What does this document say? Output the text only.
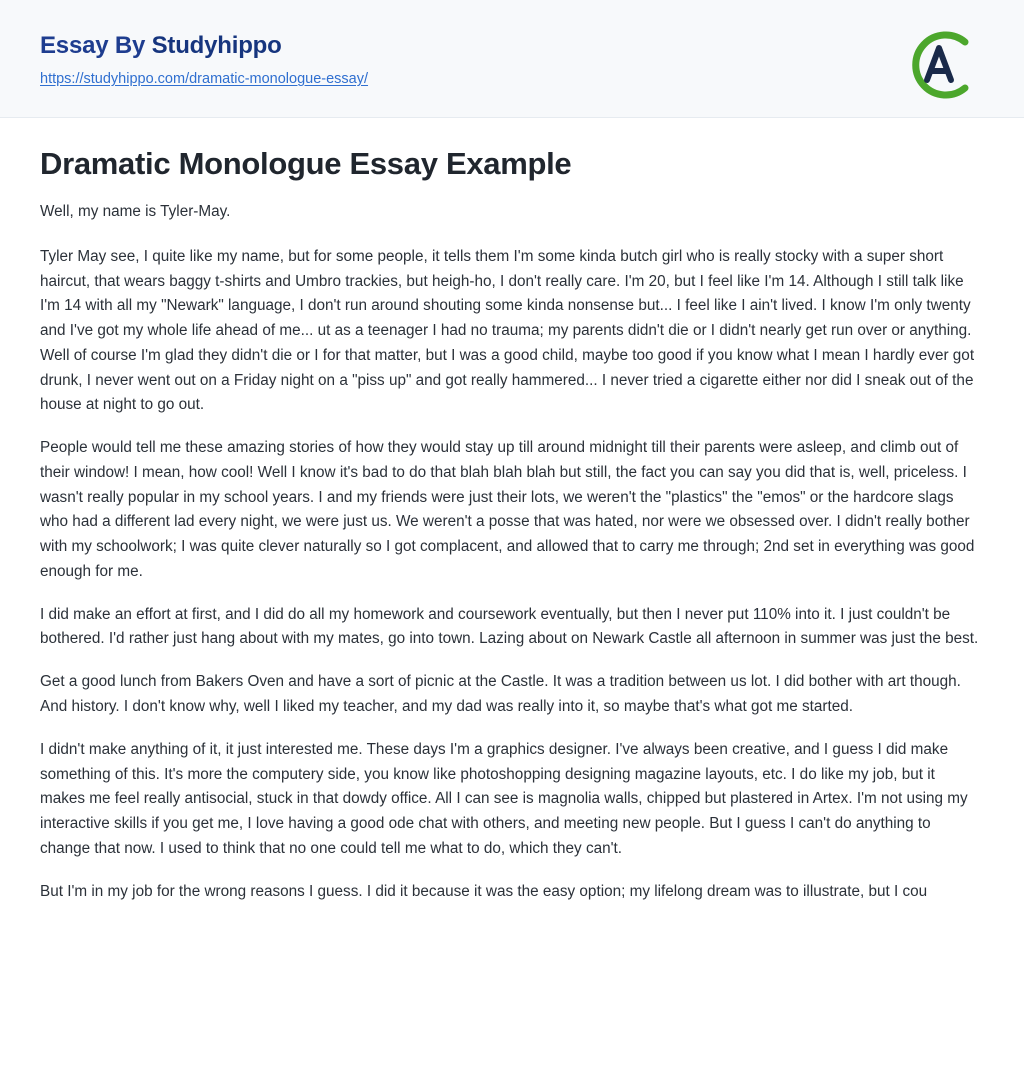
Essay By Studyhippo
https://studyhippo.com/dramatic-monologue-essay/
Dramatic Monologue Essay Example

Well, my name is Tyler-May.

Tyler May see, I quite like my name, but for some people, it tells them I'm some kinda butch girl who is really stocky with a super short haircut, that wears baggy t-shirts and Umbro trackies, but heigh-ho, I don't really care. I'm 20, but I feel like I'm 14. Although I still talk like I'm 14 with all my "Newark" language, I don't run around shouting some kinda nonsense but... I feel like I ain't lived. I know I'm only twenty and I've got my whole life ahead of me... ut as a teenager I had no trauma; my parents didn't die or I didn't nearly get run over or anything. Well of course I'm glad they didn't die or I for that matter, but I was a good child, maybe too good if you know what I mean I hardly ever got drunk, I never went out on a Friday night on a "piss up" and got really hammered... I never tried a cigarette either nor did I sneak out of the house at night to go out.

People would tell me these amazing stories of how they would stay up till around midnight till their parents were asleep, and climb out of their window! I mean, how cool! Well I know it's bad to do that blah blah blah but still, the fact you can say you did that is, well, priceless. I wasn't really popular in my school years. I and my friends were just their lots, we weren't the "plastics" the "emos" or the hardcore slags who had a different lad every night, we were just us. We weren't a posse that was hated, nor were we obsessed over. I didn't really bother with my schoolwork; I was quite clever naturally so I got complacent, and allowed that to carry me through; 2nd set in everything was good enough for me.

I did make an effort at first, and I did do all my homework and coursework eventually, but then I never put 110% into it. I just couldn't be bothered. I'd rather just hang about with my mates, go into town. Lazing about on Newark Castle all afternoon in summer was just the best.

Get a good lunch from Bakers Oven and have a sort of picnic at the Castle. It was a tradition between us lot. I did bother with art though. And history. I don't know why, well I liked my teacher, and my dad was really into it, so maybe that's what got me started.

I didn't make anything of it, it just interested me. These days I'm a graphics designer. I've always been creative, and I guess I did make something of this. It's more the computery side, you know like photoshopping designing magazine layouts, etc. I do like my job, but it makes me feel really antisocial, stuck in that dowdy office. All I can see is magnolia walls, chipped but plastered in Artex. I'm not using my interactive skills if you get me, I love having a good ode chat with others, and meeting new people. But I guess I can't do anything to change that now. I used to think that no one could tell me what to do, which they can't.

But I'm in my job for the wrong reasons I guess. I did it because it was the easy option; my lifelong dream was to illustrate, but I cou
